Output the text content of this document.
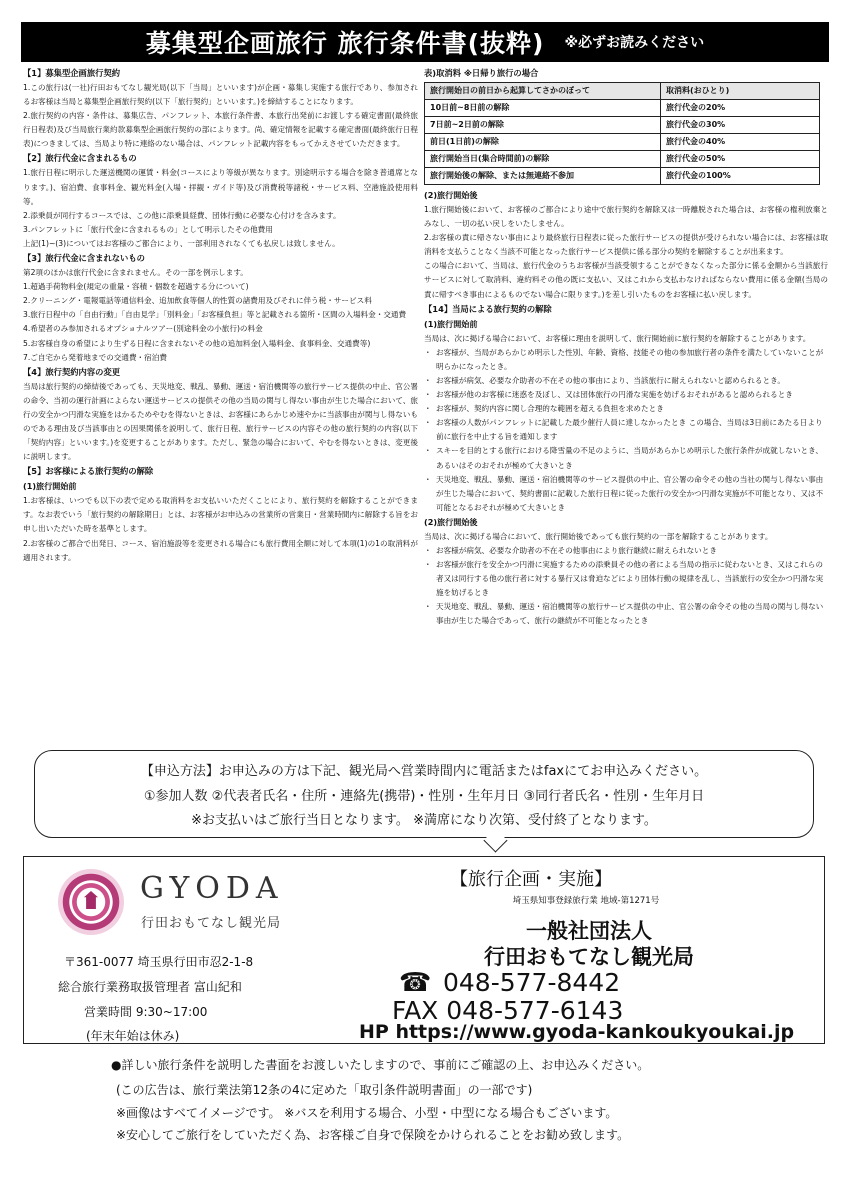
募集型企画旅行 旅行条件書(抜粋) ※必ずお読みください
【1】募集型企画旅行契約

1.この旅行は(一社)行田おもてなし観光局(以下「当局」といいます)が企画・募集し実施する旅行であり、参加されるお客様は当局と募集型企画旅行契約(以下「旅行契約」といいます。)を締結することになります。

2.旅行契約の内容・条件は、募集広告、パンフレット、本旅行条件書、本旅行出発前にお渡しする確定書面(最終旅行日程表)及び当局旅行業約款募集型企画旅行契約の部によります。尚、確定情報を記載する確定書面(最終旅行日程表)につきましては、当局より特に連絡のない場合は、パンフレット記載内容をもってかえさせていただきます。

【2】旅行代金に含まれるもの

1.旅行日程に明示した運送機関の運賃・料金(コースにより等級が異なります。別途明示する場合を除き普通席となります。)、宿泊費、食事料金、観光料金(入場・拝観・ガイド等)及び消費税等諸税・サービス料、空港施設使用料等。

2.添乗員が同行するコースでは、この他に添乗員経費、団体行動に必要な心付けを含みます。

3.パンフレットに「旅行代金に含まれるもの」として明示したその他費用

上記(1)~(3)についてはお客様のご都合により、一部利用されなくても払戻しは致しません。

【3】旅行代金に含まれないもの

第2項のほかは旅行代金に含まれません。その一部を例示します。

1.超過手荷物料金(規定の重量・容積・個数を超過する分について)

2.クリーニング・電報電話等通信料金、追加飲食等個人的性質の諸費用及びそれに伴う税・サービス料

3.旅行日程中の「自由行動」「自由見学」「別料金」「お客様負担」等と記載される箇所・区間の入場料金・交通費

4.希望者のみ参加されるオプショナルツアー(別途料金の小旅行)の料金

5.お客様自身の希望により生ずる日程に含まれないその他の追加料金(入場料金、食事料金、交通費等)

7.ご自宅から発着地までの交通費・宿泊費

【4】旅行契約内容の変更

当局は旅行契約の締結後であっても、天災地変、戦乱、暴動、運送・宿泊機関等の旅行サービス提供の中止、官公署の命令、当初の運行計画によらない運送サービスの提供その他の当局の関与し得ない事由が生じた場合において、旅行の安全かつ円滑な実施をはかるためやむを得ないときは、お客様にあらかじめ速やかに当該事由が関与し得ないものである理由及び当該事由との因果関係を説明して、旅行日程、旅行サービスの内容その他の旅行契約の内容(以下「契約内容」といいます。)を変更することがあります。ただし、緊急の場合において、やむを得ないときは、変更後に説明します。

【5】お客様による旅行契約の解除
(1)旅行開始前

1.お客様は、いつでも以下の表で定める取消料をお支払いいただくことにより、旅行契約を解除することができます。なお表でいう「旅行契約の解除期日」とは、お客様がお申込みの営業所の営業日・営業時間内に解除する旨をお申し出いただいた時を基準とします。

2.お客様のご都合で出発日、コース、宿泊施設等を変更される場合にも旅行費用全額に対して本項(1)の1の取消料が適用されます。

表)取消料 ※日帰り旅行の場合
旅行開始日の前日から起算してさかのぼって	取消料(おひとり)
10日前~8日前の解除	旅行代金の20%
7日前~2日前の解除	旅行代金の30%
前日(1日前)の解除	旅行代金の40%
旅行開始当日(集合時間前)の解除	旅行代金の50%
旅行開始後の解除、または無連絡不参加	旅行代金の100%
(2)旅行開始後

1.旅行開始後において、お客様のご都合により途中で旅行契約を解除又は一時離脱された場合は、お客様の権利放棄とみなし、一切の払い戻しをいたしません。

2.お客様の責に帰さない事由により最終旅行日程表に従った旅行サービスの提供が受けられない場合には、お客様は取消料を支払うことなく当該不可能となった旅行サービス提供に係る部分の契約を解除することが出来ます。

この場合において、当局は、旅行代金のうちお客様が当該受領することができなくなった部分に係る金額から当該旅行サービスに対して取消料、違約料その他の既に支払い、又はこれから支払わなければならない費用に係る金額(当局の責に帰すべき事由によるものでない場合に限ります。)を差し引いたものをお客様に払い戻します。

【14】当局による旅行契約の解除
(1)旅行開始前

当局は、次に掲げる場合において、お客様に理由を説明して、旅行開始前に旅行契約を解除することがあります。

・ お客様が、当局があらかじめ明示した性別、年齢、資格、技能その他の参加旅行者の条件を満たしていないことが明らかになったとき。
・ お客様が病気、必要な介助者の不在その他の事由により、当該旅行に耐えられないと認められるとき。
・ お客様が他のお客様に迷惑を及ぼし、又は団体旅行の円滑な実施を妨げるおそれがあると認められるとき
・ お客様が、契約内容に関し合理的な範囲を超える負担を求めたとき
・ お客様の人数がパンフレットに記載した最少催行人員に達しなかったとき この場合、当局は3日前にあたる日より前に旅行を中止する旨を通知します
・ スキーを目的とする旅行における降雪量の不足のように、当局があらかじめ明示した旅行条件が成就しないとき、あるいはそのおそれが極めて大きいとき
・ 天災地変、戦乱、暴動、運送・宿泊機関等のサービス提供の中止、官公署の命令その他の当社の関与し得ない事由が生じた場合において、契約書面に記載した旅行日程に従った旅行の安全かつ円滑な実施が不可能となり、又は不可能となるおそれが極めて大きいとき
(2)旅行開始後

当局は、次に掲げる場合において、旅行開始後であっても旅行契約の一部を解除することがあります。

・ お客様が病気、必要な介助者の不在その他事由により旅行継続に耐えられないとき
・ お客様が旅行を安全かつ円滑に実施するための添乗員その他の者による当局の指示に従わないとき、又はこれらの者又は同行する他の旅行者に対する暴行又は脅迫などにより団体行動の規律を乱し、当該旅行の安全かつ円滑な実施を妨げるとき
・ 天災地変、戦乱、暴動、運送・宿泊機関等の旅行サービス提供の中止、官公署の命令その他の当局の関与し得ない事由が生じた場合であって、旅行の継続が不可能となったとき
【申込方法】お申込みの方は下記、観光局へ営業時間内に電話またはfaxにてお申込みください。
①参加人数 ②代表者氏名・住所・連絡先(携帯)・性別・生年月日 ③同行者氏名・性別・生年月日
※お支払いはご旅行当日となります。 ※満席になり次第、受付終了となります。
GYODA
行田おもてなし観光局
〒361-0077 埼玉県行田市忍2-1-8
総合旅行業務取扱管理者 富山紀和
営業時間 9:30~17:00
(年末年始は休み)
【旅行企画・実施】
埼玉県知事登録旅行業 地域-第1271号
一般社団法人
行田おもてなし観光局
☎ 048-577-8442
FAX 048-577-6143
HP https://www.gyoda-kankoukyoukai.jp
●詳しい旅行条件を説明した書面をお渡しいたしますので、事前にご確認の上、お申込みください。
(この広告は、旅行業法第12条の4に定めた「取引条件説明書面」の一部です)
※画像はすべてイメージです。 ※バスを利用する場合、小型・中型になる場合もございます。
※安心してご旅行をしていただく為、お客様ご自身で保険をかけられることをお勧め致します。
